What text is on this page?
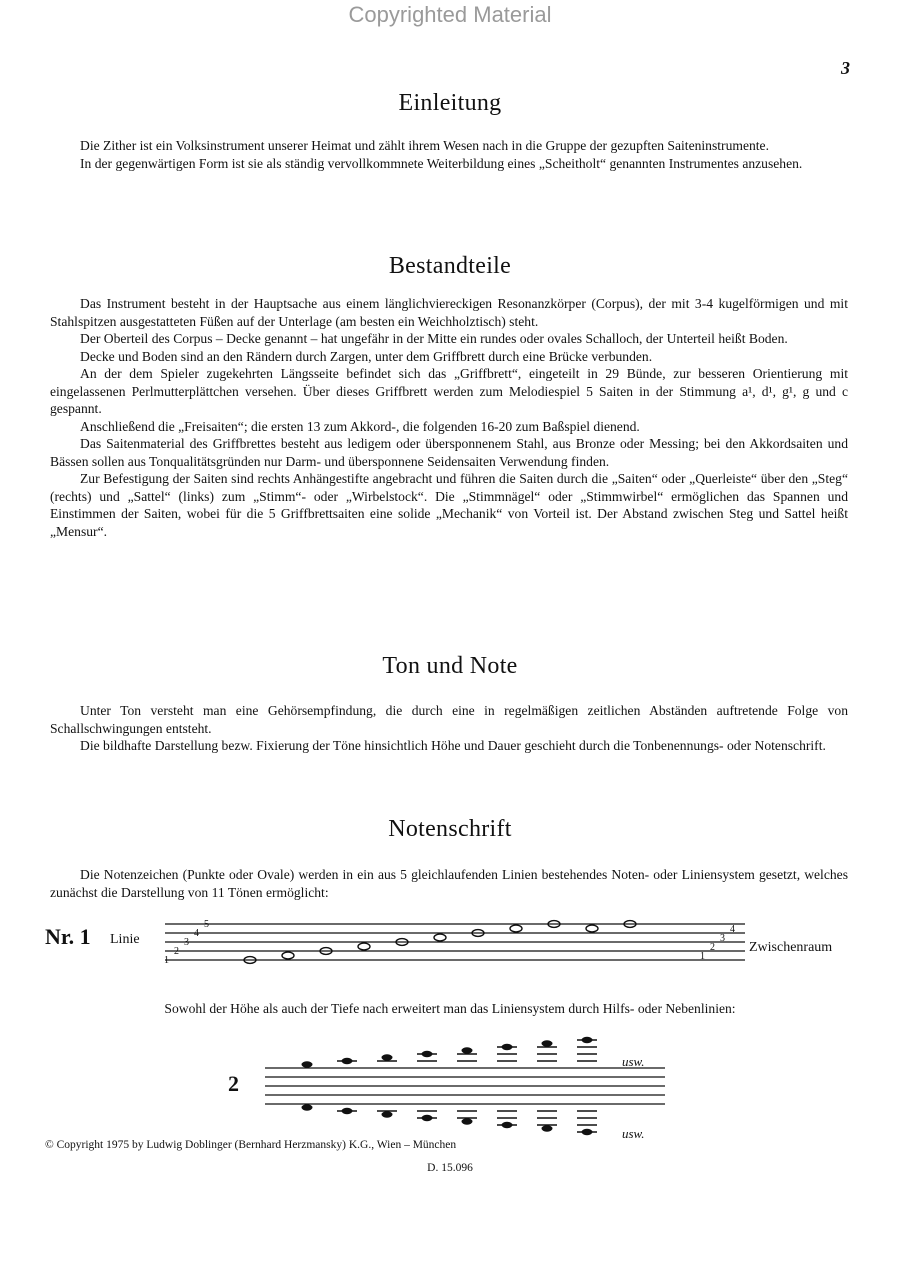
Copyrighted Material
3
Einleitung

Die Zither ist ein Volksinstrument unserer Heimat und zählt ihrem Wesen nach in die Gruppe der gezupften Saiteninstrumente.

In der gegenwärtigen Form ist sie als ständig vervollkommnete Weiterbildung eines „Scheitholt“ genannten Instrumentes anzusehen.

Bestandteile

Das Instrument besteht in der Hauptsache aus einem länglichviereckigen Resonanzkörper (Corpus), der mit 3-4 kugelförmigen und mit Stahlspitzen ausgestatteten Füßen auf der Unterlage (am besten ein Weichholztisch) steht.

Der Oberteil des Corpus – Decke genannt – hat ungefähr in der Mitte ein rundes oder ovales Schalloch, der Unterteil heißt Boden.

Decke und Boden sind an den Rändern durch Zargen, unter dem Griffbrett durch eine Brücke verbunden.

An der dem Spieler zugekehrten Längsseite befindet sich das „Griffbrett“, eingeteilt in 29 Bünde, zur besseren Orientierung mit eingelassenen Perlmutterplättchen versehen. Über dieses Griffbrett werden zum Melodiespiel 5 Saiten in der Stimmung a¹, d¹, g¹, g und c gespannt.

Anschließend die „Freisaiten“; die ersten 13 zum Akkord-, die folgenden 16-20 zum Baßspiel dienend.

Das Saitenmaterial des Griffbrettes besteht aus ledigem oder übersponnenem Stahl, aus Bronze oder Messing; bei den Akkordsaiten und Bässen sollen aus Tonqualitätsgründen nur Darm- und übersponnene Seidensaiten Verwendung finden.

Zur Befestigung der Saiten sind rechts Anhängestifte angebracht und führen die Saiten durch die „Saiten“ oder „Querleiste“ über den „Steg“ (rechts) und „Sattel“ (links) zum „Stimm“- oder „Wirbelstock“. Die „Stimmnägel“ oder „Stimmwirbel“ ermöglichen das Spannen und Einstimmen der Saiten, wobei für die 5 Griffbrettsaiten eine solide „Mechanik“ von Vorteil ist. Der Abstand zwischen Steg und Sattel heißt „Mensur“.

Ton und Note

Unter Ton versteht man eine Gehörsempfindung, die durch eine in regelmäßigen zeitlichen Abständen auftretende Folge von Schallschwingungen entsteht.

Die bildhafte Darstellung bezw. Fixierung der Töne hinsichtlich Höhe und Dauer geschieht durch die Tonbenennungs- oder Notenschrift.

Notenschrift

Die Notenzeichen (Punkte oder Ovale) werden in ein aus 5 gleichlaufenden Linien bestehendes Noten- oder Liniensystem gesetzt, welches zunächst die Darstellung von 11 Tönen ermöglicht:

Nr. 1 Linie
1
2
3
4
5
1
2
3
4
Zwischenraum
Sowohl der Höhe als auch der Tiefe nach erweitert man das Liniensystem durch Hilfs- oder Nebenlinien:
2
usw.
usw.
© Copyright 1975 by Ludwig Doblinger (Bernhard Herzmansky) K.G., Wien – München
D. 15.096
